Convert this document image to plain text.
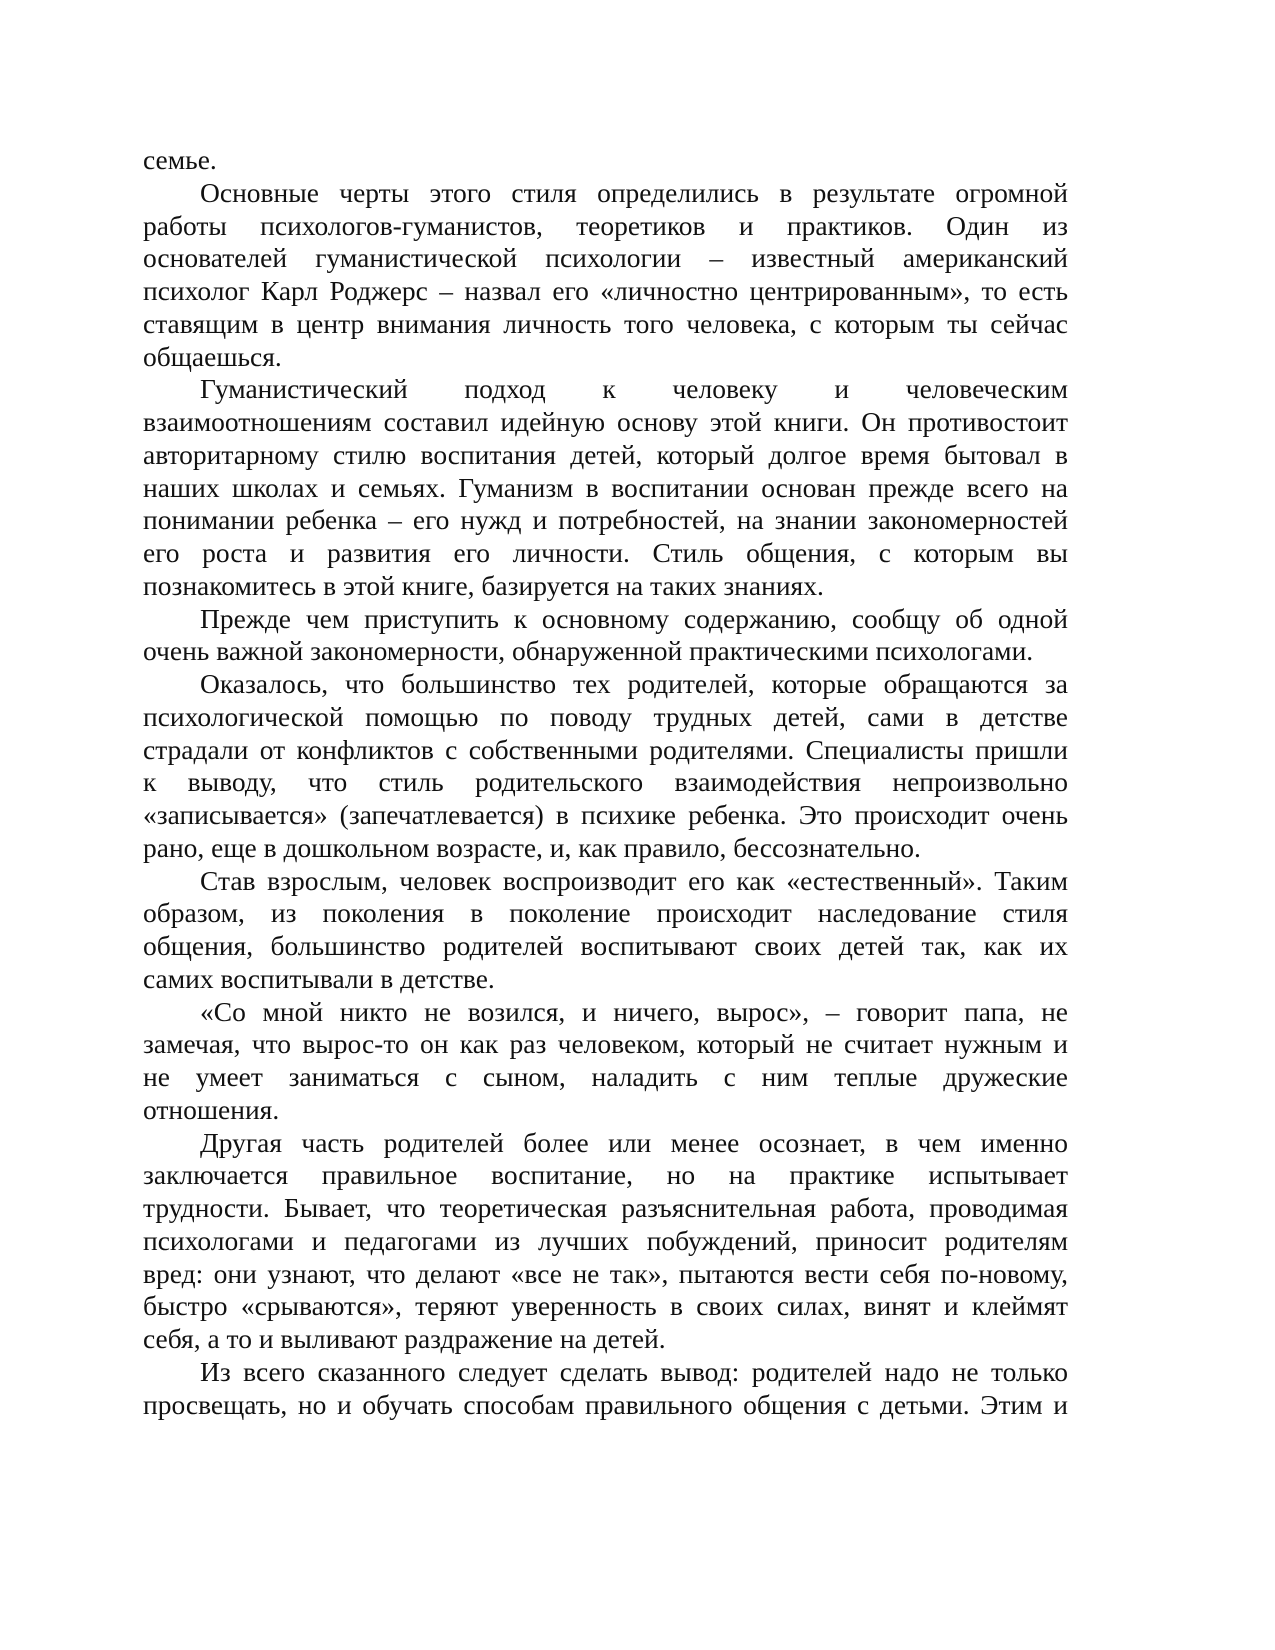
семье.
Основные черты этого стиля определились в результате огромной
работы психологов-гуманистов, теоретиков и практиков. Один из
основателей гуманистической психологии – известный американский
психолог Карл Роджерс – назвал его «личностно центрированным», то есть
ставящим в центр внимания личность того человека, с которым ты сейчас
общаешься.
Гуманистический подход к человеку и человеческим
взаимоотношениям составил идейную основу этой книги. Он противостоит
авторитарному стилю воспитания детей, который долгое время бытовал в
наших школах и семьях. Гуманизм в воспитании основан прежде всего на
понимании ребенка – его нужд и потребностей, на знании закономерностей
его роста и развития его личности. Стиль общения, с которым вы
познакомитесь в этой книге, базируется на таких знаниях.
Прежде чем приступить к основному содержанию, сообщу об одной
очень важной закономерности, обнаруженной практическими психологами.
Оказалось, что большинство тех родителей, которые обращаются за
психологической помощью по поводу трудных детей, сами в детстве
страдали от конфликтов с собственными родителями. Специалисты пришли
к выводу, что стиль родительского взаимодействия непроизвольно
«записывается» (запечатлевается) в психике ребенка. Это происходит очень
рано, еще в дошкольном возрасте, и, как правило, бессознательно.
Став взрослым, человек воспроизводит его как «естественный». Таким
образом, из поколения в поколение происходит наследование стиля
общения, большинство родителей воспитывают своих детей так, как их
самих воспитывали в детстве.
«Со мной никто не возился, и ничего, вырос», – говорит папа, не
замечая, что вырос-то он как раз человеком, который не считает нужным и
не умеет заниматься с сыном, наладить с ним теплые дружеские
отношения.
Другая часть родителей более или менее осознает, в чем именно
заключается правильное воспитание, но на практике испытывает
трудности. Бывает, что теоретическая разъяснительная работа, проводимая
психологами и педагогами из лучших побуждений, приносит родителям
вред: они узнают, что делают «все не так», пытаются вести себя по-новому,
быстро «срываются», теряют уверенность в своих силах, винят и клеймят
себя, а то и выливают раздражение на детей.
Из всего сказанного следует сделать вывод: родителей надо не только
просвещать, но и обучать способам правильного общения с детьми. Этим и
